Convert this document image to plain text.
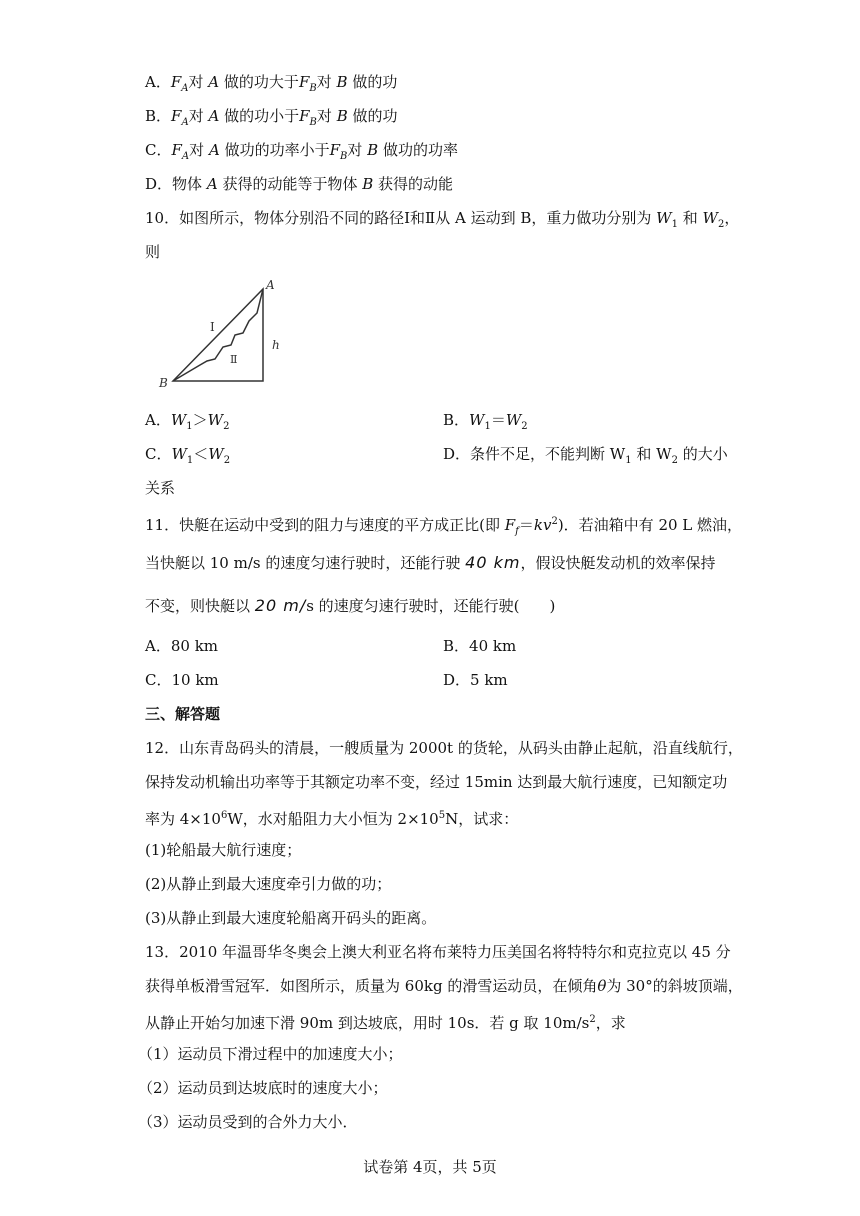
A．$F_A$对 A 做的功大于$F_B$对 B 做的功
B．$F_A$对 A 做的功小于$F_B$对 B 做的功
C．$F_A$对 A 做功的功率小于$F_B$对 B 做功的功率
D．物体 A 获得的动能等于物体 B 获得的动能
10．如图所示，物体分别沿不同的路径Ⅰ和Ⅱ从 A 运动到 B，重力做功分别为 $W_1$ 和 $W_2$，
则
A
B
Ⅰ
Ⅱ
h
A．$W_1>W_2$	B．$W_1=W_2$
C．$W_1<W_2$	D．条件不足，不能判断 $W_1$ 和 $W_2$ 的大小
关系
11．快艇在运动中受到的阻力与速度的平方成正比(即 $F_f=kv^2$)．若油箱中有 20 L 燃油，
当快艇以 10 m/s 的速度匀速行驶时，还能行驶 40 km，假设快艇发动机的效率保持
不变，则快艇以 20 m/s 的速度匀速行驶时，还能行驶(　　)
A．80 km	B．40 km
C．10 km	D．5 km
三、解答题
12．山东青岛码头的清晨，一艘质量为 2000t 的货轮，从码头由静止起航，沿直线航行，
保持发动机输出功率等于其额定功率不变，经过 15min 达到最大航行速度，已知额定功
率为 $4\times 10^6W$，水对船阻力大小恒为 $2\times 10^5N$，试求：
(1)轮船最大航行速度；
(2)从静止到最大速度牵引力做的功；
(3)从静止到最大速度轮船离开码头的距离。
13．2010 年温哥华冬奥会上澳大利亚名将布莱特力压美国名将特特尔和克拉克以 45 分
获得单板滑雪冠军．如图所示，质量为 60kg 的滑雪运动员，在倾角θ为 30°的斜坡顶端，
从静止开始匀加速下滑 90m 到达坡底，用时 10s．若 g 取 $10m/s^2$，求
（1）运动员下滑过程中的加速度大小；
（2）运动员到达坡底时的速度大小；
（3）运动员受到的合外力大小．
试卷第 4页，共 5页
